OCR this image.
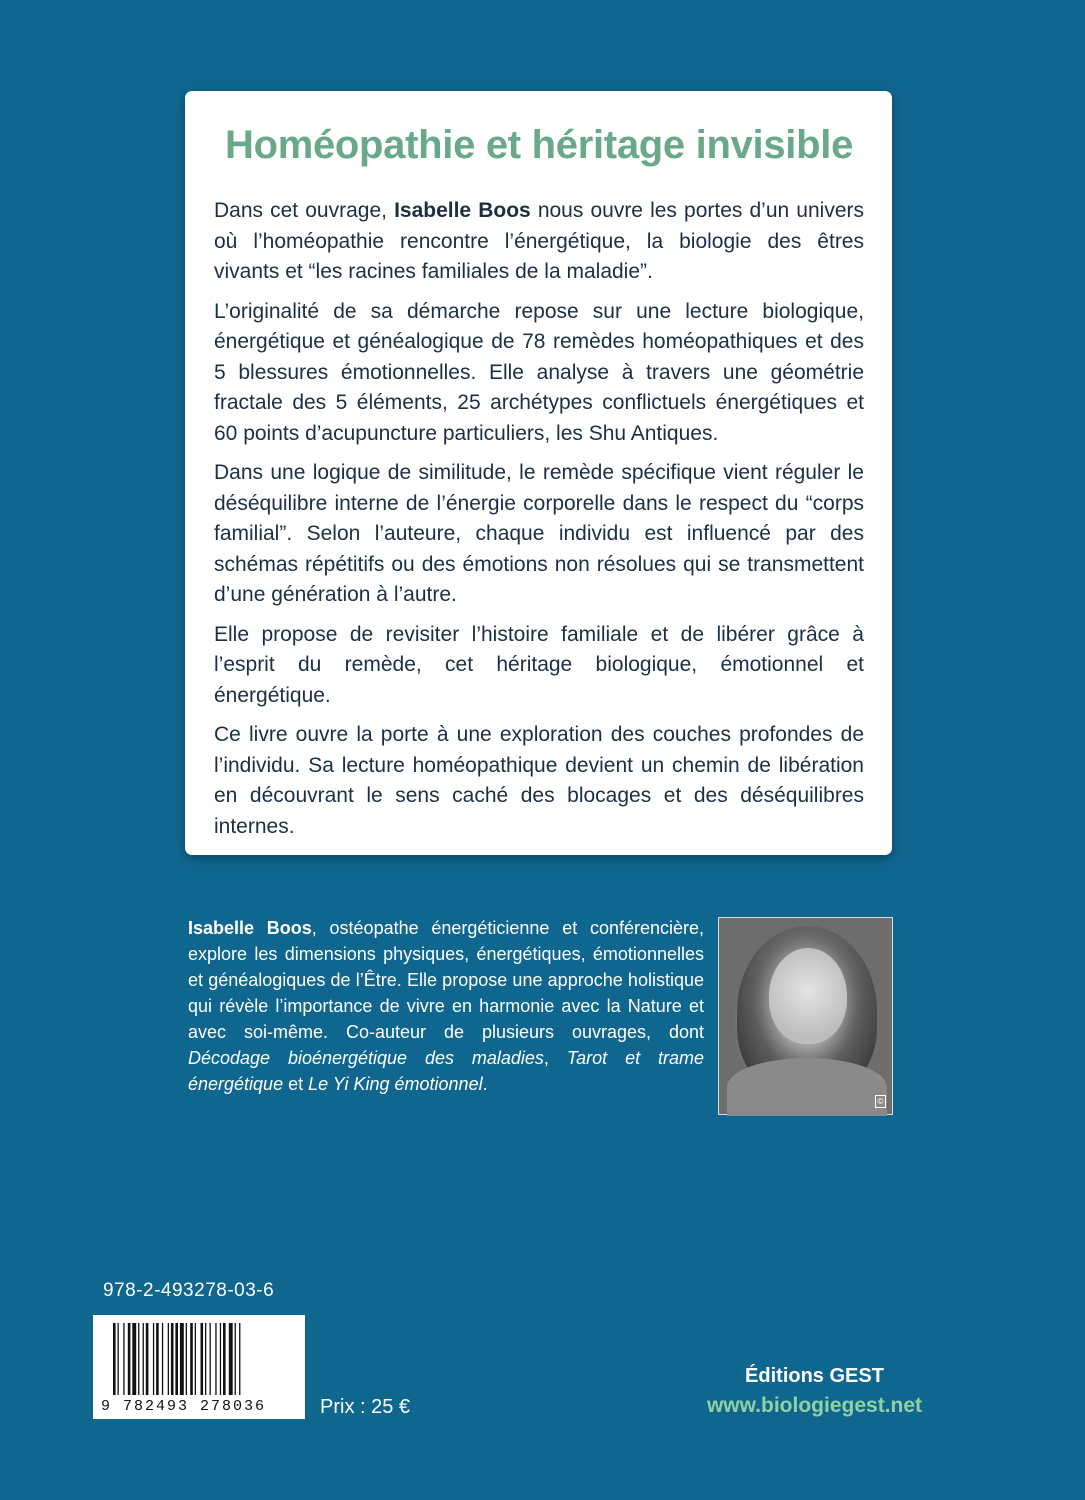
Homéopathie et héritage invisible

Dans cet ouvrage, Isabelle Boos nous ouvre les portes d’un univers où l’homéopathie rencontre l’énergétique, la biologie des êtres vivants et “les racines familiales de la maladie”.

L’originalité de sa démarche repose sur une lecture biologique, énergétique et généalogique de 78 remèdes homéopathiques et des 5 blessures émotionnelles. Elle analyse à travers une géométrie fractale des 5 éléments, 25 archétypes conflictuels énergétiques et 60 points d’acupuncture particuliers, les Shu Antiques.

Dans une logique de similitude, le remède spécifique vient réguler le déséquilibre interne de l’énergie corporelle dans le respect du “corps familial”. Selon l’auteure, chaque individu est influencé par des schémas répétitifs ou des émotions non résolues qui se transmettent d’une génération à l’autre.

Elle propose de revisiter l’histoire familiale et de libérer grâce à l’esprit du remède, cet héritage biologique, émotionnel et énergétique.

Ce livre ouvre la porte à une exploration des couches profondes de l’individu. Sa lecture homéopathique devient un chemin de libération en découvrant le sens caché des blocages et des déséquilibres internes.

Isabelle Boos, ostéopathe énergéticienne et conférencière, explore les dimensions physiques, énergétiques, émotionnelles et généalogiques de l’Être. Elle propose une approche holistique qui révèle l’importance de vivre en harmonie avec la Nature et avec soi-même. Co-auteur de plusieurs ouvrages, dont Décodage bioénergétique des maladies, Tarot et trame énergétique et Le Yi King émotionnel.
©
978-2-493278-03-6
9 782493 278036	Prix : 25 €
Éditions GEST
www.biologiegest.net
